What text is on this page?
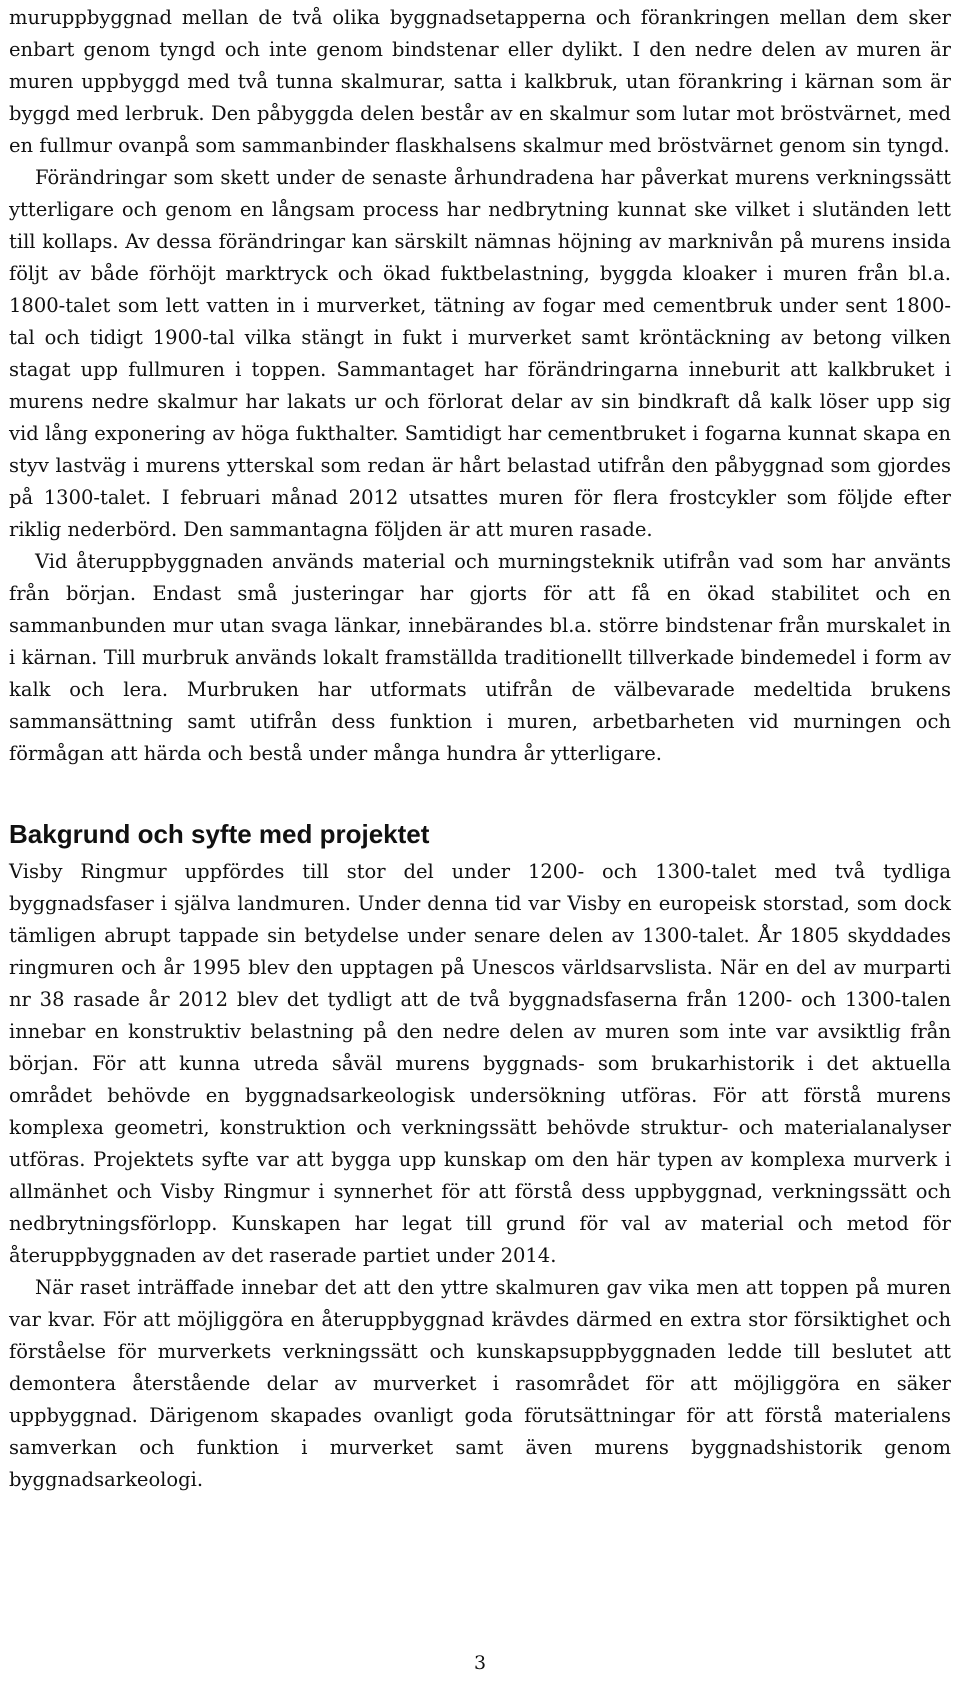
muruppbyggnad mellan de två olika byggnadsetapperna och förankringen mellan dem sker enbart genom tyngd och inte genom bindstenar eller dylikt. I den nedre delen av muren är muren uppbyggd med två tunna skalmurar, satta i kalkbruk, utan förankring i kärnan som är byggd med lerbruk. Den påbyggda delen består av en skalmur som lutar mot bröstvärnet, med en fullmur ovanpå som sammanbinder flaskhalsens skalmur med bröstvärnet genom sin tyngd.

Förändringar som skett under de senaste århundradena har påverkat murens verkningssätt ytterligare och genom en långsam process har nedbrytning kunnat ske vilket i slutänden lett till kollaps. Av dessa förändringar kan särskilt nämnas höjning av marknivån på murens insida följt av både förhöjt marktryck och ökad fuktbelastning, byggda kloaker i muren från bl.a. 1800-talet som lett vatten in i murverket, tätning av fogar med cementbruk under sent 1800-tal och tidigt 1900-tal vilka stängt in fukt i murverket samt kröntäckning av betong vilken stagat upp fullmuren i toppen. Sammantaget har förändringarna inneburit att kalkbruket i murens nedre skalmur har lakats ur och förlorat delar av sin bindkraft då kalk löser upp sig vid lång exponering av höga fukthalter. Samtidigt har cementbruket i fogarna kunnat skapa en styv lastväg i murens ytterskal som redan är hårt belastad utifrån den påbyggnad som gjordes på 1300-talet. I februari månad 2012 utsattes muren för flera frostcykler som följde efter riklig nederbörd. Den sammantagna följden är att muren rasade.

Vid återuppbyggnaden används material och murningsteknik utifrån vad som har använts från början. Endast små justeringar har gjorts för att få en ökad stabilitet och en sammanbunden mur utan svaga länkar, innebärandes bl.a. större bindstenar från murskalet in i kärnan. Till murbruk används lokalt framställda traditionellt tillverkade bindemedel i form av kalk och lera. Murbruken har utformats utifrån de välbevarade medeltida brukens sammansättning samt utifrån dess funktion i muren, arbetbarheten vid murningen och förmågan att härda och bestå under många hundra år ytterligare.

Bakgrund och syfte med projektet

Visby Ringmur uppfördes till stor del under 1200- och 1300-talet med två tydliga byggnadsfaser i själva landmuren. Under denna tid var Visby en europeisk storstad, som dock tämligen abrupt tappade sin betydelse under senare delen av 1300-talet. År 1805 skyddades ringmuren och år 1995 blev den upptagen på Unescos världsarvslista. När en del av murparti nr 38 rasade år 2012 blev det tydligt att de två byggnadsfaserna från 1200- och 1300-talen innebar en konstruktiv belastning på den nedre delen av muren som inte var avsiktlig från början. För att kunna utreda såväl murens byggnads- som brukarhistorik i det aktuella området behövde en byggnadsarkeologisk undersökning utföras. För att förstå murens komplexa geometri, konstruktion och verkningssätt behövde struktur- och materialanalyser utföras. Projektets syfte var att bygga upp kunskap om den här typen av komplexa murverk i allmänhet och Visby Ringmur i synnerhet för att förstå dess uppbyggnad, verkningssätt och nedbrytningsförlopp. Kunskapen har legat till grund för val av material och metod för återuppbyggnaden av det raserade partiet under 2014.

När raset inträffade innebar det att den yttre skalmuren gav vika men att toppen på muren var kvar. För att möjliggöra en återuppbyggnad krävdes därmed en extra stor försiktighet och förståelse för murverkets verkningssätt och kunskapsuppbyggnaden ledde till beslutet att demontera återstående delar av murverket i rasområdet för att möjliggöra en säker uppbyggnad. Därigenom skapades ovanligt goda förutsättningar för att förstå materialens samverkan och funktion i murverket samt även murens byggnadshistorik genom byggnadsarkeologi.

3
